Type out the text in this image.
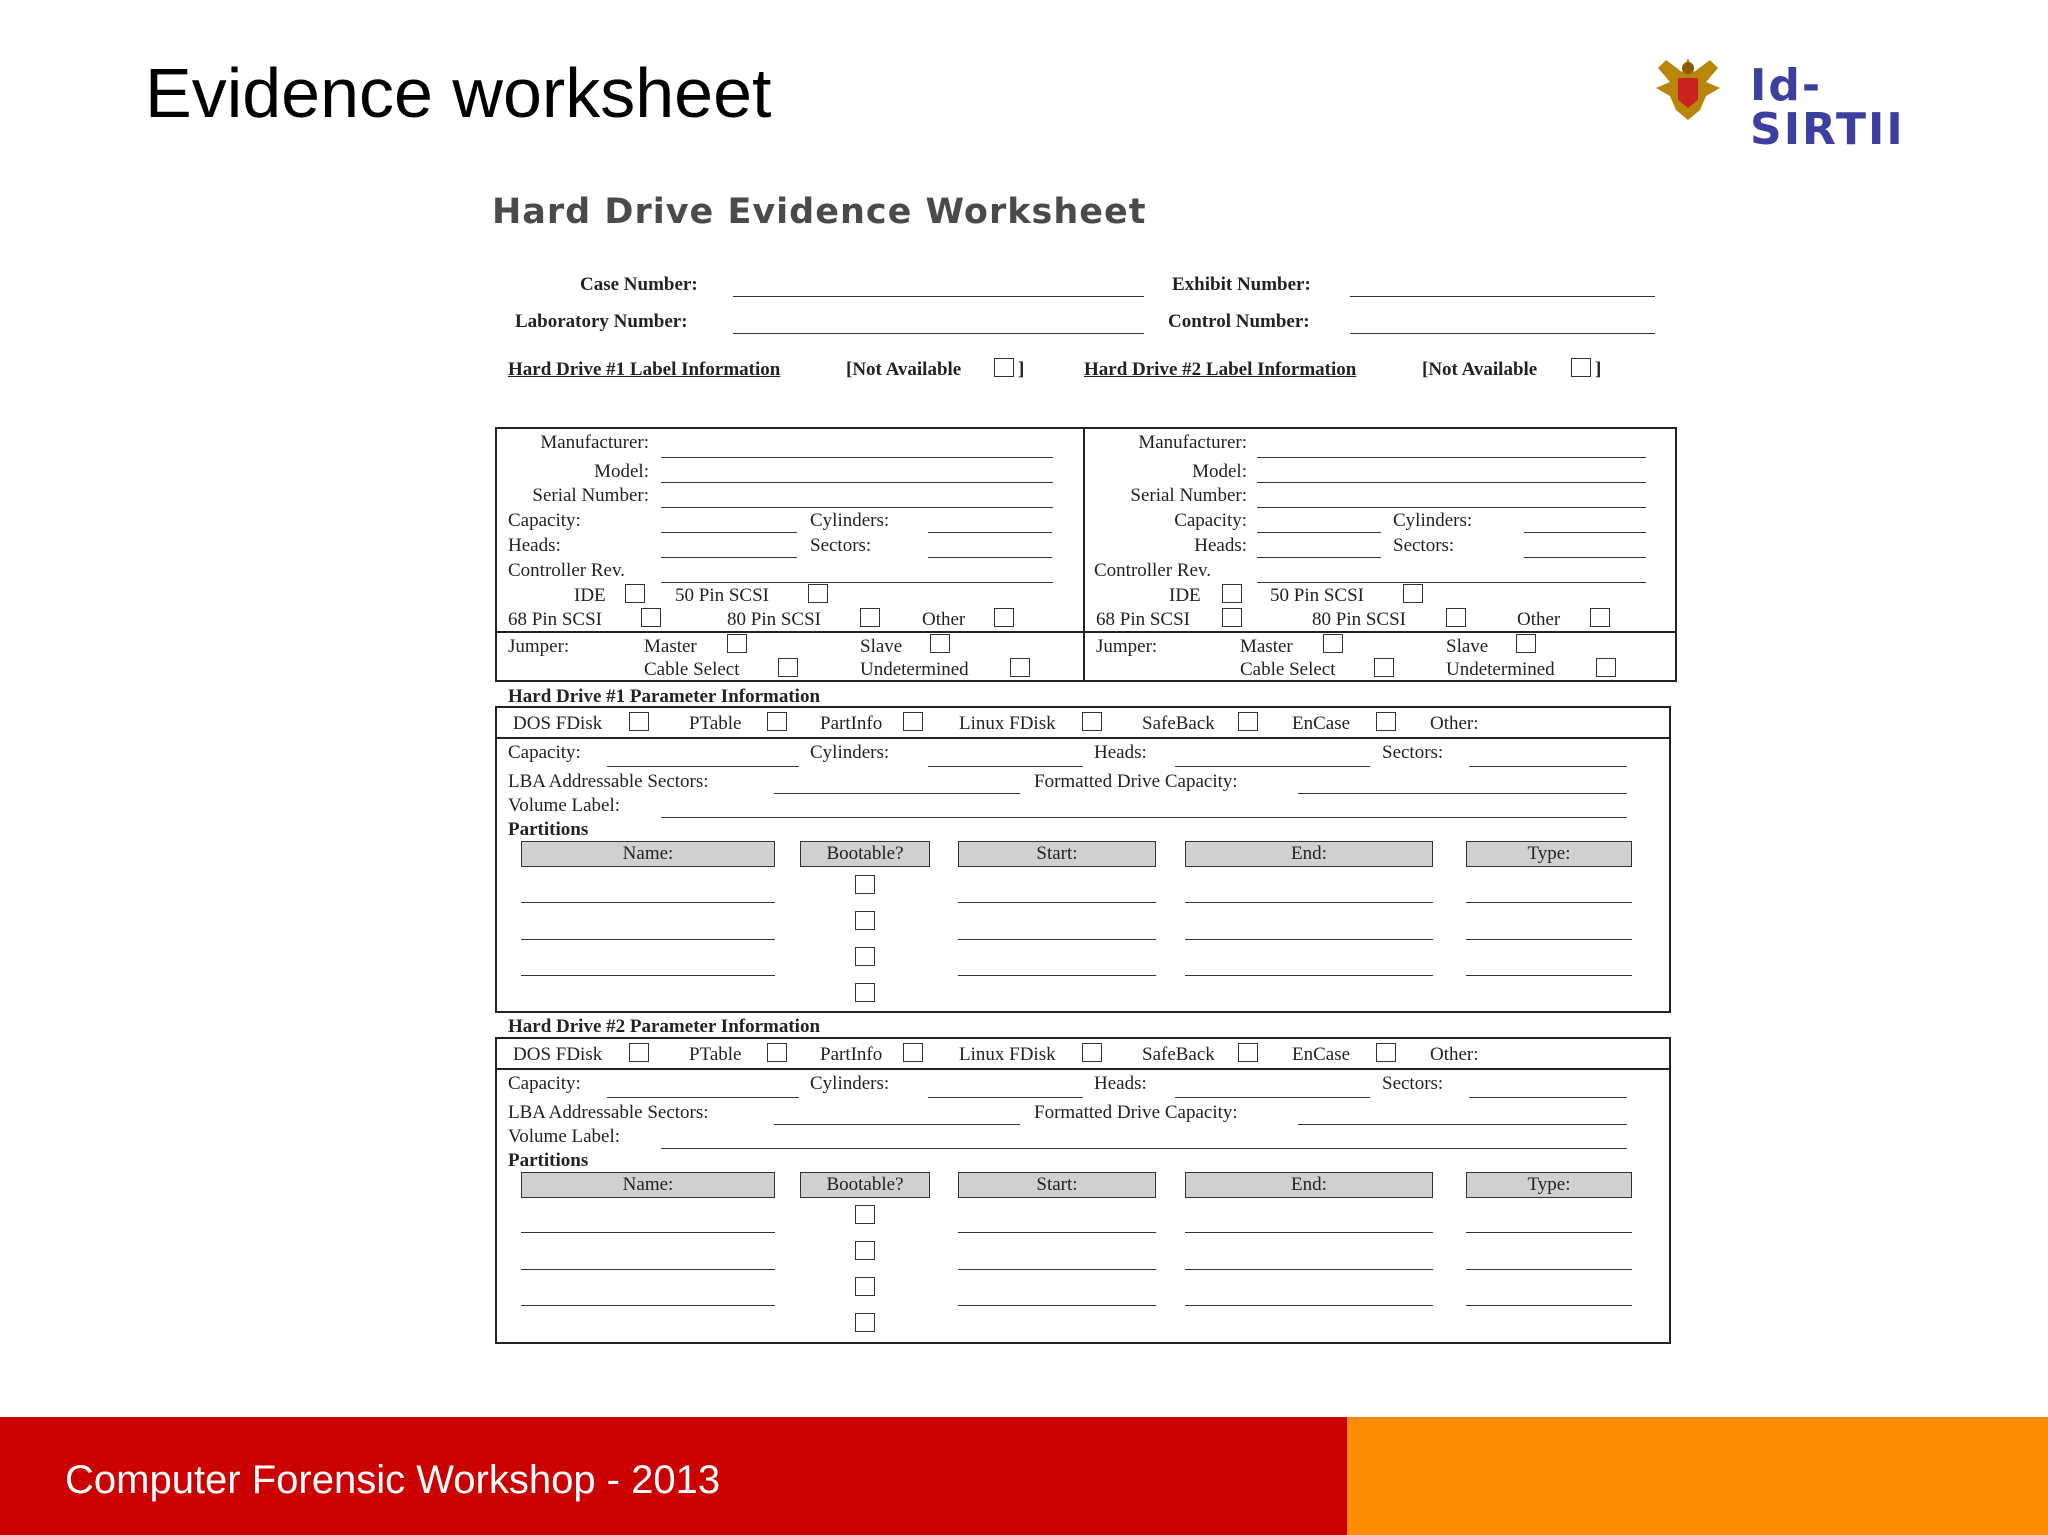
Evidence worksheet	Id-SIRTII
Computer Forensic Workshop - 2013
Hard Drive Evidence Worksheet
Case Number:	Exhibit Number:
Laboratory Number:	Control Number:
Hard Drive #1 Label Information	[Not Available	]	Hard Drive #2 Label Information	[Not Available	]
Manufacturer:
Model:
Serial Number:
Capacity:	Cylinders:
Heads:	Sectors:
Controller Rev.
IDE	50 Pin SCSI
68 Pin SCSI	80 Pin SCSI	Other
Jumper:	Master	Slave
Cable Select	Undetermined
Manufacturer:
Model:
Serial Number:
Capacity:	Cylinders:
Heads:	Sectors:
Controller Rev.
IDE	50 Pin SCSI
68 Pin SCSI	80 Pin SCSI	Other
Jumper:	Master	Slave
Cable Select	Undetermined
Hard Drive #1 Parameter Information
DOS FDisk	PTable	PartInfo	Linux FDisk	SafeBack	EnCase	Other:
Capacity:	Cylinders:	Heads:	Sectors:
LBA Addressable Sectors:	Formatted Drive Capacity:
Volume Label:
Partitions
Name:	Bootable?	Start:	End:	Type:
Hard Drive #2 Parameter Information
DOS FDisk	PTable	PartInfo	Linux FDisk	SafeBack	EnCase	Other:
Capacity:	Cylinders:	Heads:	Sectors:
LBA Addressable Sectors:	Formatted Drive Capacity:
Volume Label:
Partitions
Name:	Bootable?	Start:	End:	Type:
